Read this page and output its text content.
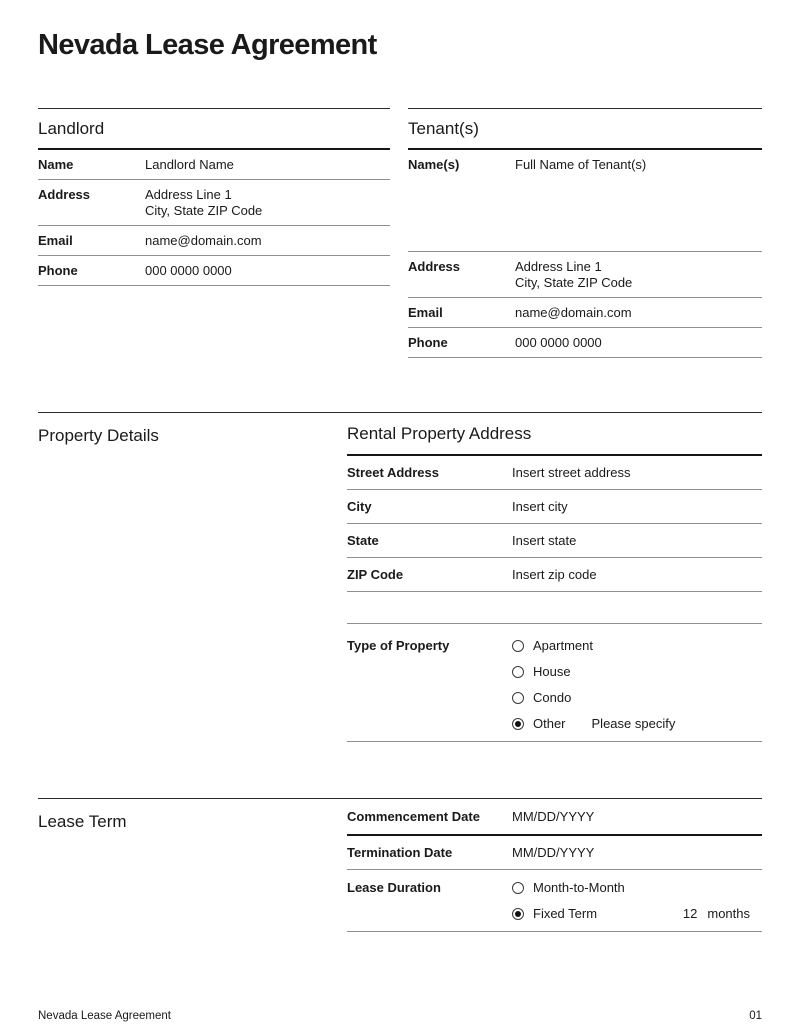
Nevada Lease Agreement
Landlord
Name	Landlord Name
Address	Address Line 1
City, State ZIP Code
Email	name@domain.com
Phone	000 0000 0000
Tenant(s)
Name(s)	Full Name of Tenant(s)
Address	Address Line 1
City, State ZIP Code
Email	name@domain.com
Phone	000 0000 0000
Property Details	Rental Property Address
Street Address	Insert street address
City	Insert city
State	Insert state
ZIP Code	Insert zip code
Type of Property	Apartment
House
Condo
Other Please specify
Lease Term	Commencement Date	MM/DD/YYYY
Termination Date	MM/DD/YYYY
Lease Duration	Month-to-Month
Fixed Term	12 months
Nevada Lease Agreement	01
